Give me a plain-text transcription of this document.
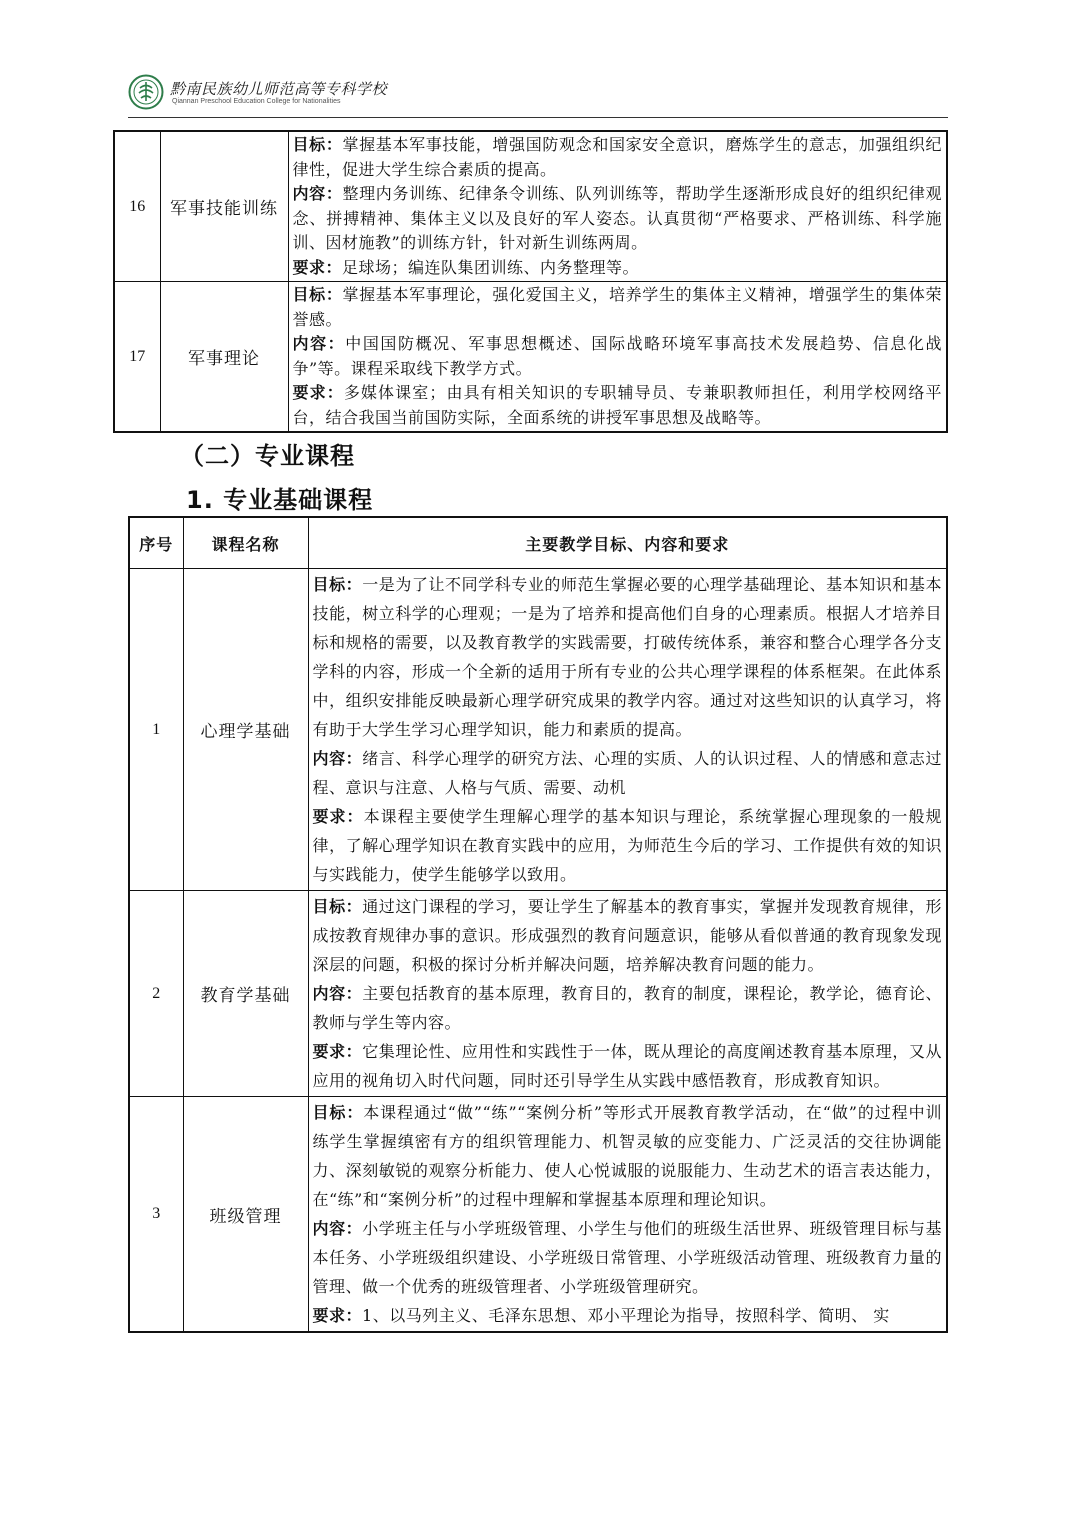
黔南民族幼儿师范高等专科学校
Qiannan Preschool Education College for Nationalities
16	军事技能训练	目标：掌握基本军事技能，增强国防观念和国家安全意识，磨炼学生的意志，加强组织纪律性，促进大学生综合素质的提高。

内容：整理内务训练、纪律条令训练、队列训练等，帮助学生逐渐形成良好的组织纪律观念、拼搏精神、集体主义以及良好的军人姿态。认真贯彻“严格要求、严格训练、科学施训、因材施教”的训练方针，针对新生训练两周。

要求：足球场；编连队集团训练、内务整理等。

17	军事理论	目标：掌握基本军事理论，强化爱国主义，培养学生的集体主义精神，增强学生的集体荣誉感。

内容：中国国防概况、军事思想概述、国际战略环境军事高技术发展趋势、信息化战争”等。课程采取线下教学方式。

要求：多媒体课室；由具有相关知识的专职辅导员、专兼职教师担任，利用学校网络平台，结合我国当前国防实际，全面系统的讲授军事思想及战略等。

（二）专业课程
1. 专业基础课程
序号	课程名称	主要教学目标、内容和要求
1	心理学基础	目标：一是为了让不同学科专业的师范生掌握必要的心理学基础理论、基本知识和基本技能，树立科学的心理观；一是为了培养和提高他们自身的心理素质。根据人才培养目标和规格的需要，以及教育教学的实践需要，打破传统体系，兼容和整合心理学各分支学科的内容，形成一个全新的适用于所有专业的公共心理学课程的体系框架。在此体系中，组织安排能反映最新心理学研究成果的教学内容。通过对这些知识的认真学习，将有助于大学生学习心理学知识，能力和素质的提高。

内容：绪言、科学心理学的研究方法、心理的实质、人的认识过程、人的情感和意志过程、意识与注意、人格与气质、需要、动机

要求：本课程主要使学生理解心理学的基本知识与理论，系统掌握心理现象的一般规律，了解心理学知识在教育实践中的应用，为师范生今后的学习、工作提供有效的知识与实践能力，使学生能够学以致用。

2	教育学基础	目标：通过这门课程的学习，要让学生了解基本的教育事实，掌握并发现教育规律，形成按教育规律办事的意识。形成强烈的教育问题意识，能够从看似普通的教育现象发现深层的问题，积极的探讨分析并解决问题，培养解决教育问题的能力。

内容：主要包括教育的基本原理，教育目的，教育的制度，课程论，教学论，德育论、教师与学生等内容。

要求：它集理论性、应用性和实践性于一体，既从理论的高度阐述教育基本原理，又从应用的视角切入时代问题，同时还引导学生从实践中感悟教育，形成教育知识。

3	班级管理	目标：本课程通过“做”“练”“案例分析”等形式开展教育教学活动，在“做”的过程中训练学生掌握缜密有方的组织管理能力、机智灵敏的应变能力、广泛灵活的交往协调能力、深刻敏锐的观察分析能力、使人心悦诚服的说服能力、生动艺术的语言表达能力，在“练”和“案例分析”的过程中理解和掌握基本原理和理论知识。

内容：小学班主任与小学班级管理、小学生与他们的班级生活世界、班级管理目标与基本任务、小学班级组织建设、小学班级日常管理、小学班级活动管理、班级教育力量的管理、做一个优秀的班级管理者、小学班级管理研究。

要求：1、以马列主义、毛泽东思想、邓小平理论为指导，按照科学、简明、 实
